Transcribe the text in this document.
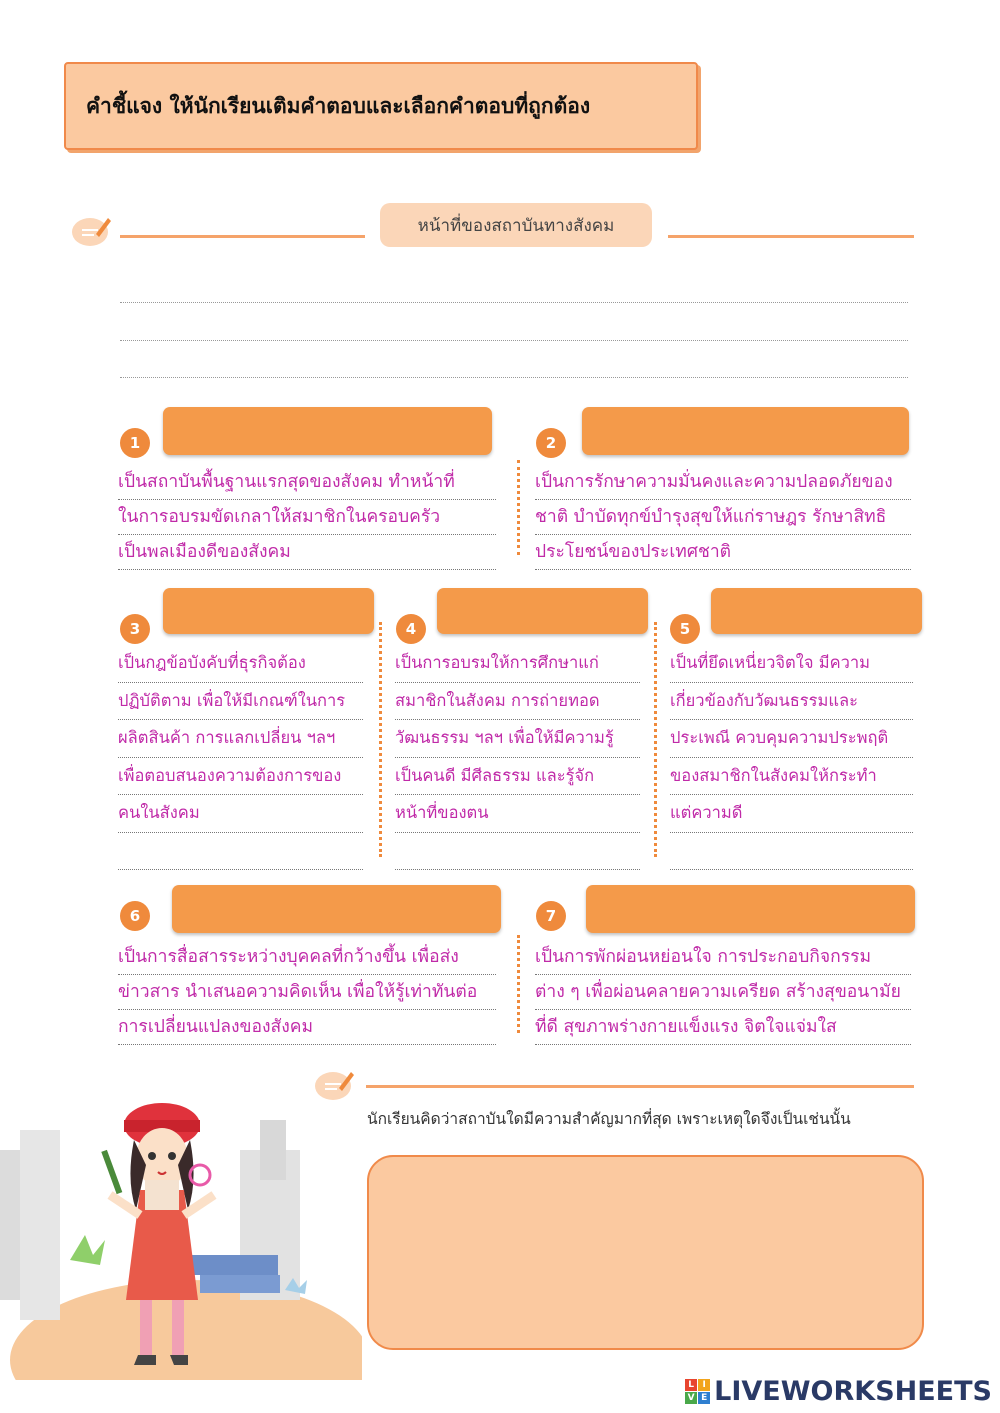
คำชี้แจง ให้นักเรียนเติมคำตอบและเลือกคำตอบที่ถูกต้อง
หน้าที่ของสถาบันทางสังคม
1
เป็นสถาบันพื้นฐานแรกสุดของสังคม ทำหน้าที่
ในการอบรมขัดเกลาให้สมาชิกในครอบครัว
เป็นพลเมืองดีของสังคม
2
เป็นการรักษาความมั่นคงและความปลอดภัยของ
ชาติ บำบัดทุกข์บำรุงสุขให้แก่ราษฎร รักษาสิทธิ
ประโยชน์ของประเทศชาติ
3
เป็นกฎข้อบังคับที่ธุรกิจต้อง
ปฏิบัติตาม เพื่อให้มีเกณฑ์ในการ
ผลิตสินค้า การแลกเปลี่ยน ฯลฯ
เพื่อตอบสนองความต้องการของ
คนในสังคม
4
เป็นการอบรมให้การศึกษาแก่
สมาชิกในสังคม การถ่ายทอด
วัฒนธรรม ฯลฯ เพื่อให้มีความรู้
เป็นคนดี มีศีลธรรม และรู้จัก
หน้าที่ของตน
5
เป็นที่ยึดเหนี่ยวจิตใจ มีความ
เกี่ยวข้องกับวัฒนธรรมและ
ประเพณี ควบคุมความประพฤติ
ของสมาชิกในสังคมให้กระทำ
แต่ความดี
6
เป็นการสื่อสารระหว่างบุคคลที่กว้างขึ้น เพื่อส่ง
ข่าวสาร นำเสนอความคิดเห็น เพื่อให้รู้เท่าทันต่อ
การเปลี่ยนแปลงของสังคม
7
เป็นการพักผ่อนหย่อนใจ การประกอบกิจกรรม
ต่าง ๆ เพื่อผ่อนคลายความเครียด สร้างสุขอนามัย
ที่ดี สุขภาพร่างกายแข็งแรง จิตใจแจ่มใส
นักเรียนคิดว่าสถาบันใดมีความสำคัญมากที่สุด เพราะเหตุใดจึงเป็นเช่นนั้น
L I
V E LIVEWORKSHEETS
